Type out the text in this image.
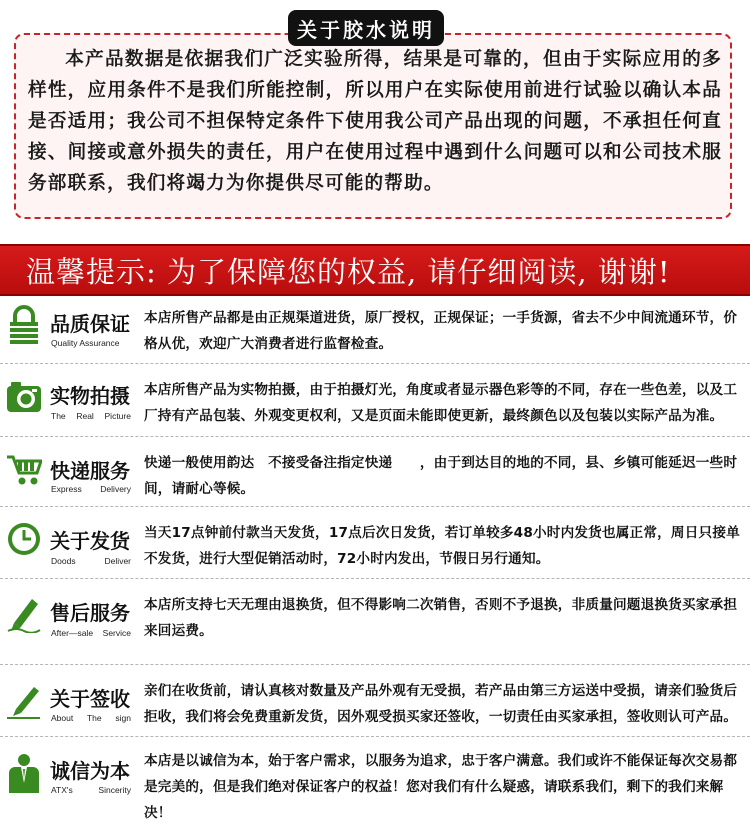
关于胶水说明
本产品数据是依据我们广泛实验所得，结果是可靠的，但由于实际应用的多样性，应用条件不是我们所能控制，所以用户在实际使用前进行试验以确认本品是否适用；我公司不担保特定条件下使用我公司产品出现的问题，不承担任何直接、间接或意外损失的责任，用户在使用过程中遇到什么问题可以和公司技术服务部联系，我们将竭力为你提供尽可能的帮助。
温馨提示: 为了保障您的权益, 请仔细阅读, 谢谢!
品质保证
Quality Assurance
本店所售产品都是由正规渠道进货，原厂授权，正规保证；一手货源，省去不少中间流通环节，价格从优，欢迎广大消费者进行监督检查。
实物拍摄
The Real Picture
本店所售产品为实物拍摄，由于拍摄灯光，角度或者显示器色彩等的不同，存在一些色差，以及工厂持有产品包装、外观变更权利，又是页面未能即使更新，最终颜色以及包装以实际产品为准。
快递服务
Express Delivery
快递一般使用韵达　不接受备注指定快递　　，由于到达目的地的不同，县、乡镇可能延迟一些时间，请耐心等候。
关于发货
Doods	Deliver
当天17点钟前付款当天发货，17点后次日发货，若订单较多48小时内发货也属正常，周日只接单不发货，进行大型促销活动时，72小时内发出，节假日另行通知。
售后服务
After—sale Service
本店所支持七天无理由退换货，但不得影响二次销售，否则不予退换，非质量问题退换货买家承担来回运费。
关于签收
About The sign
亲们在收货前，请认真核对数量及产品外观有无受损，若产品由第三方运送中受损，请亲们验货后拒收，我们将会免费重新发货，因外观受损买家还签收，一切责任由买家承担，签收则认可产品。
诚信为本
ATX's	Sincerity
本店是以诚信为本，始于客户需求，以服务为追求，忠于客户满意。我们或许不能保证每次交易都是完美的，但是我们绝对保证客户的权益！您对我们有什么疑惑，请联系我们，剩下的我们来解决！
